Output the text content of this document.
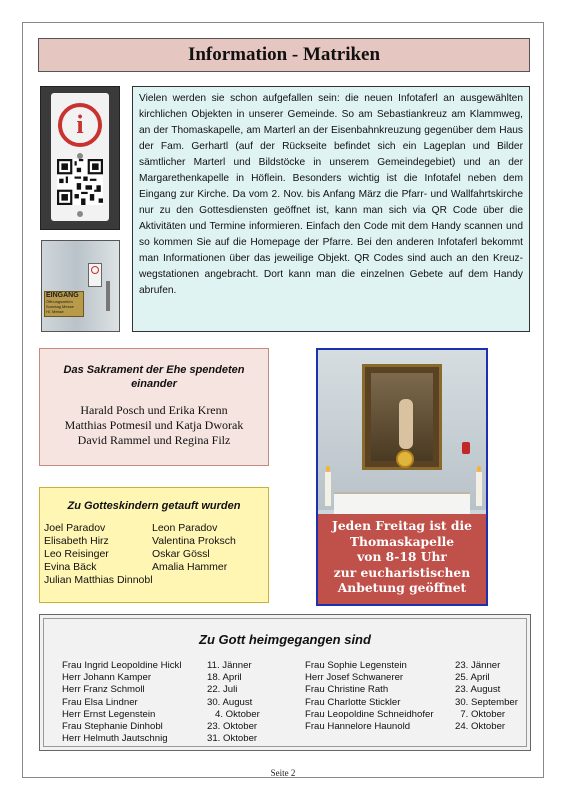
Information - Matriken
i
EINGANG
Öffnungszeiten
Sonntag Messe
Hl. Messe
Vielen werden sie schon aufgefallen sein: die neuen Infotaferl an ausgewählten kirchlichen Objekten in unserer Gemeinde. So am Sebastiankreuz am Klammweg, an der Thomaskapelle, am Marterl an der Eisenbahnkreuzung gegenüber dem Haus der Fam. Gerhartl (auf der Rückseite befindet sich ein Lageplan und Bilder sämtlicher Marterl und Bildstöcke in unserem Gemeindegebiet) und an der Margarethenkapelle in Höflein. Besonders wichtig ist die Infotafel neben dem Eingang zur Kirche. Da vom 2. Nov. bis Anfang März die Pfarr- und Wallfahrtskirche nur zu den Gottesdiensten geöffnet ist, kann man sich via QR Code über die Aktivitäten und Termine informieren. Einfach den Code mit dem Handy scannen und so kommen Sie auf die Homepage der Pfarre. Bei den anderen Infotaferl bekommt man Informationen über das jeweilige Objekt. QR Codes sind auch an den Kreuzwegstationen angebracht. Dort kann man die einzelnen Gebete auf dem Handy abrufen.
Das Sakrament der Ehe spendeten einander
Harald Posch und Erika Krenn
Matthias Potmesil und Katja Dworak
David Rammel und Regina Filz
Zu Gotteskindern getauft wurden
Joel Paradov	Leon Paradov
Elisabeth Hirz	Valentina Proksch
Leo Reisinger	Oskar Gössl
Evina Bäck	Amalia Hammer
Julian Matthias Dinnobl
Jeden Freitag ist die
Thomaskapelle
von 8-18 Uhr
zur eucharistischen
Anbetung geöffnet
Zu Gott heimgegangen sind
Frau Ingrid Leopoldine Hickl	11. Jänner
Herr Johann Kamper	18. April
Herr Franz Schmoll	22. Juli
Frau Elsa Lindner	30. August
Herr Ernst Legenstein	4. Oktober
Frau Stephanie Dinhobl	23. Oktober
Herr Helmuth Jautschnig	31. Oktober
Frau Sophie Legenstein	23. Jänner
Herr Josef Schwanerer	25. April
Frau Christine Rath	23. August
Frau Charlotte Stickler	30. September
Frau Leopoldine Schneidhofer	7. Oktober
Frau Hannelore Haunold	24. Oktober
Seite 2
